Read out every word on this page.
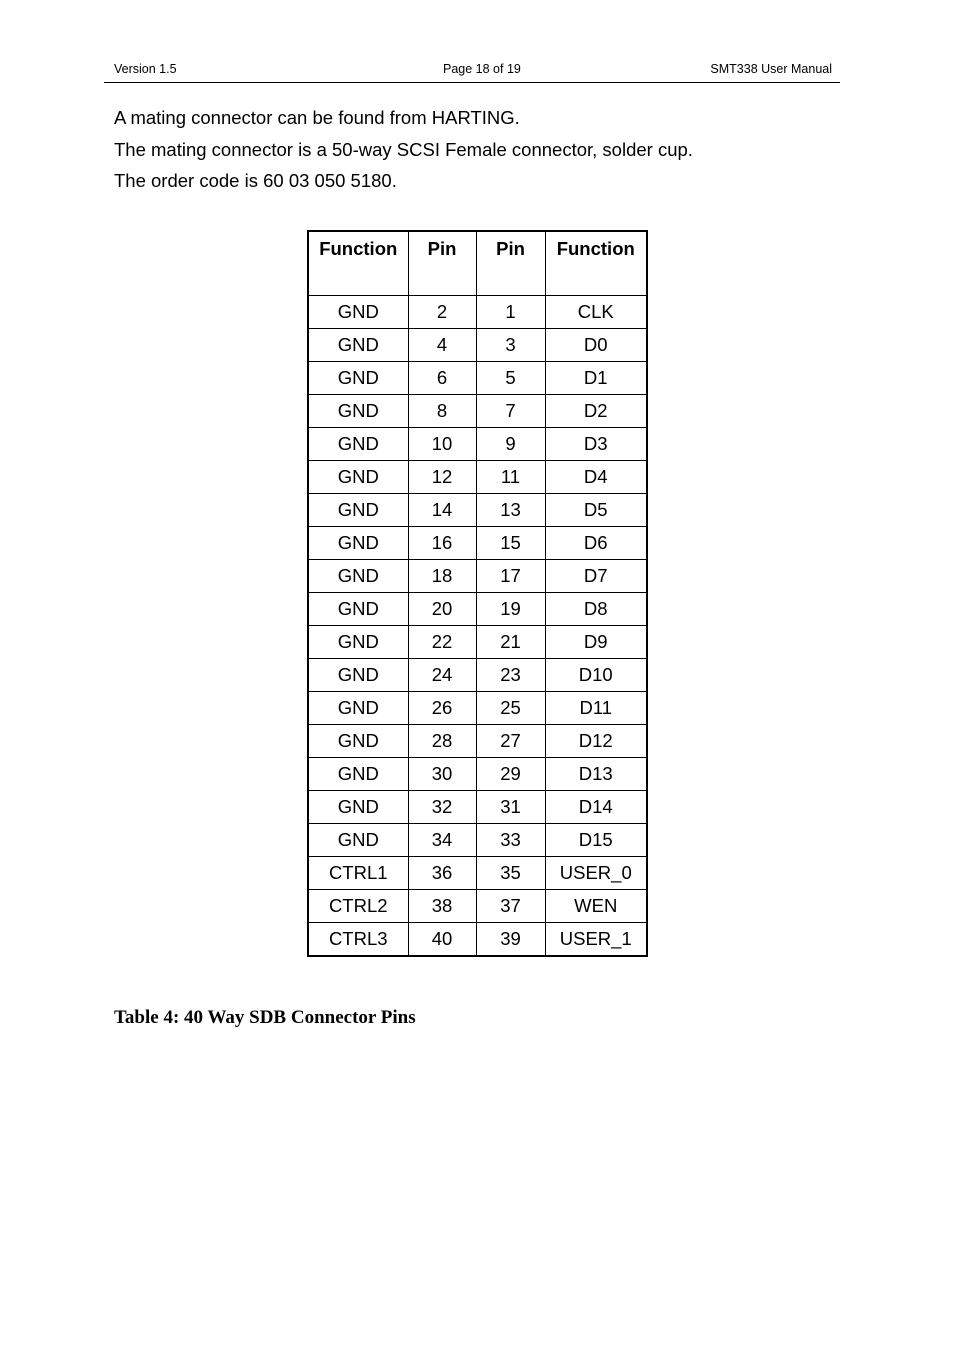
Version 1.5	Page 18 of 19	SMT338 User Manual
A mating connector can be found from HARTING.
The mating connector is a 50-way SCSI Female connector, solder cup.
The order code is 60 03 050 5180.
Function	Pin	Pin	Function
GND	2	1	CLK
GND	4	3	D0
GND	6	5	D1
GND	8	7	D2
GND	10	9	D3
GND	12	11	D4
GND	14	13	D5
GND	16	15	D6
GND	18	17	D7
GND	20	19	D8
GND	22	21	D9
GND	24	23	D10
GND	26	25	D11
GND	28	27	D12
GND	30	29	D13
GND	32	31	D14
GND	34	33	D15
CTRL1	36	35	USER_0
CTRL2	38	37	WEN
CTRL3	40	39	USER_1
Table 4: 40 Way SDB Connector Pins
